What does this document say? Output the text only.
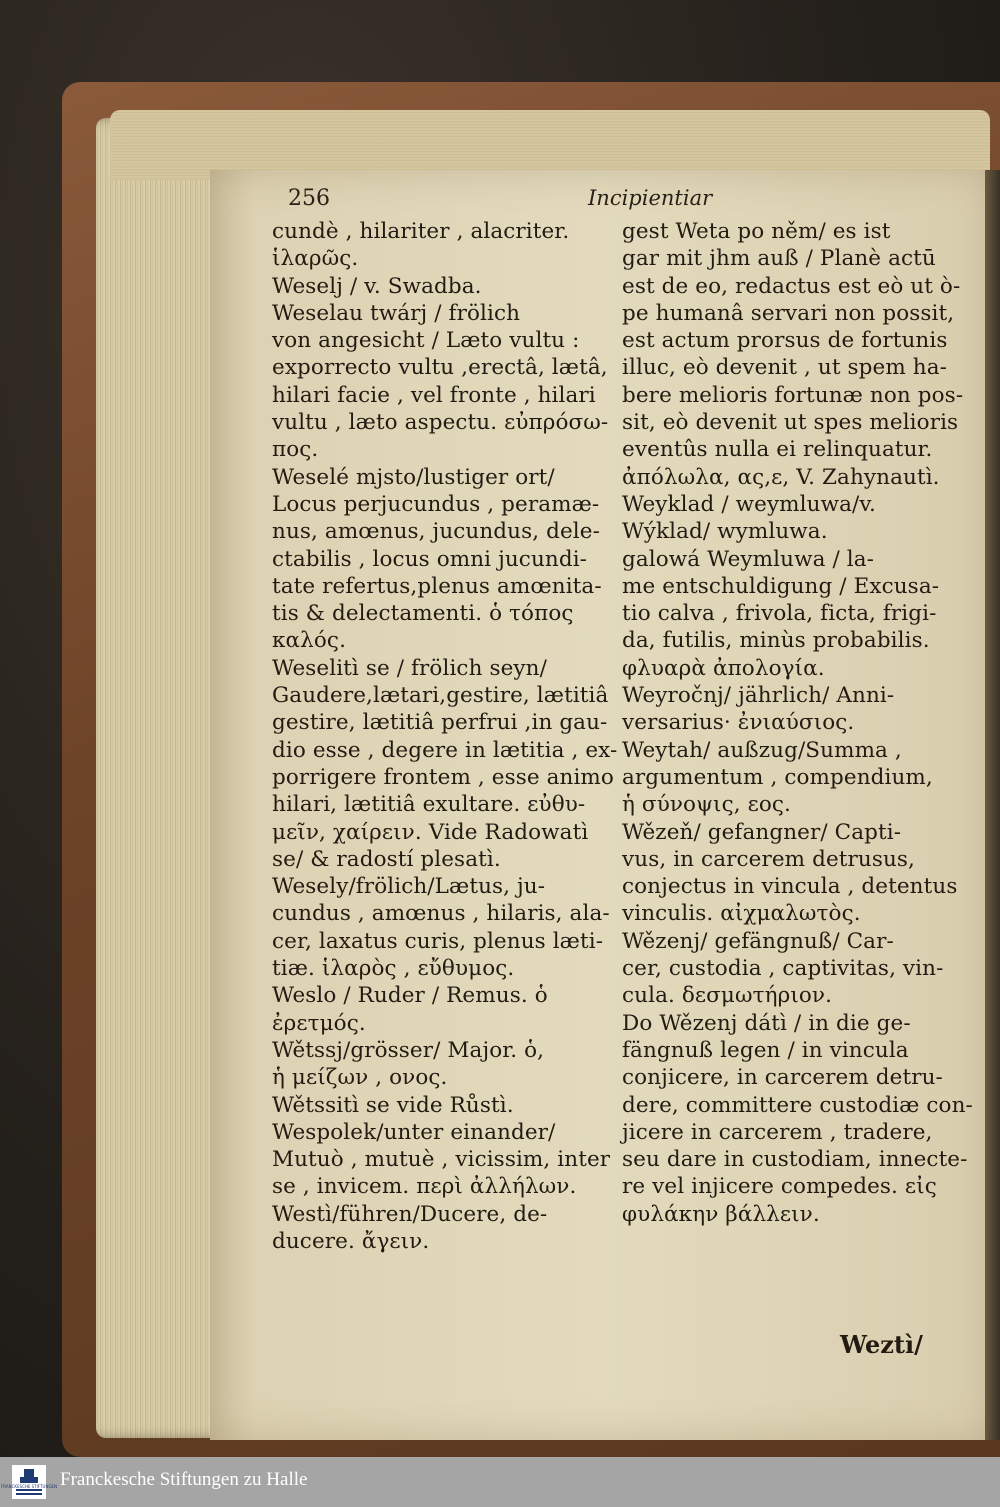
256	Incipientiar
cundè , hilariter , alacriter.
ἱλαρῶς.
Weselj / v. Swadba.
Weselau twárj / frölich
von angesicht / Læto vultu :
exporrecto vultu ,erectâ, lætâ,
hilari facie , vel fronte , hilari
vultu , læto aspectu. εὐπρόσω-
πος.
Weselé mjsto/lustiger ort/
Locus perjucundus , peramæ-
nus, amœnus, jucundus, dele-
ctabilis , locus omni jucundi-
tate refertus,plenus amœnita-
tis & delectamenti. ὁ τόπος
καλός.
Weselitì se / frölich seyn/
Gaudere,lætari,gestire, lætitiâ
gestire, lætitiâ perfrui ,in gau-
dio esse , degere in lætitia , ex-
porrigere frontem , esse animo
hilari, lætitiâ exultare. εὐθυ-
μεῖν, χαίρειν. Vide Radowatì
se/ & radostí plesatì.
Wesely/frölich/Lætus, ju-
cundus , amœnus , hilaris, ala-
cer, laxatus curis, plenus læti-
tiæ. ἱλαρὸς , εὔθυμος.
Weslo / Ruder / Remus. ὁ
ἐρετμός.
Wětssj/grösser/ Major. ὁ,
ἡ μείζων , ονος.
Wětssitì se vide Růstì.
Wespolek/unter einander/
Mutuò , mutuè , vicissim, inter
se , invicem. περὶ ἀλλήλων.
Westì/führen/Ducere, de-
ducere. ἄγειν.
gest Weta po něm/ es ist
gar mit jhm auß / Planè actū
est de eo, redactus est eò ut ò-
pe humanâ servari non possit,
est actum prorsus de fortunis
illuc, eò devenit , ut spem ha-
bere melioris fortunæ non pos-
sit, eò devenit ut spes melioris
eventûs nulla ei relinquatur.
ἀπόλωλα, ας,ε, V. Zahynautì.
Weyklad / weymluwa/v.
Wýklad/ wymluwa.
galowá Weymluwa / la-
me entschuldigung / Excusa-
tio calva , frivola, ficta, frigi-
da, futilis, minùs probabilis.
φλυαρὰ ἀπολογία.
Weyročnj/ jährlich/ Anni-
versarius· ἐνιαύσιος.
Weytah/ außzug/Summa ,
argumentum , compendium,
ἡ σύνοψις, εος.
Wězeň/ gefangner/ Capti-
vus, in carcerem detrusus,
conjectus in vincula , detentus
vinculis. αἰχμαλωτὸς.
Wězenj/ gefängnuß/ Car-
cer, custodia , captivitas, vin-
cula. δεσμωτήριον.
Do Wězenj dátì / in die ge-
fängnuß legen / in vincula
conjicere, in carcerem detru-
dere, committere custodiæ con-
jicere in carcerem , tradere,
seu dare in custodiam, innecte-
re vel injicere compedes. εἰς
φυλάκην βάλλειν.
Weztì/
FRANCKESCHE STIFTUNGEN Franckesche Stiftungen zu Halle
